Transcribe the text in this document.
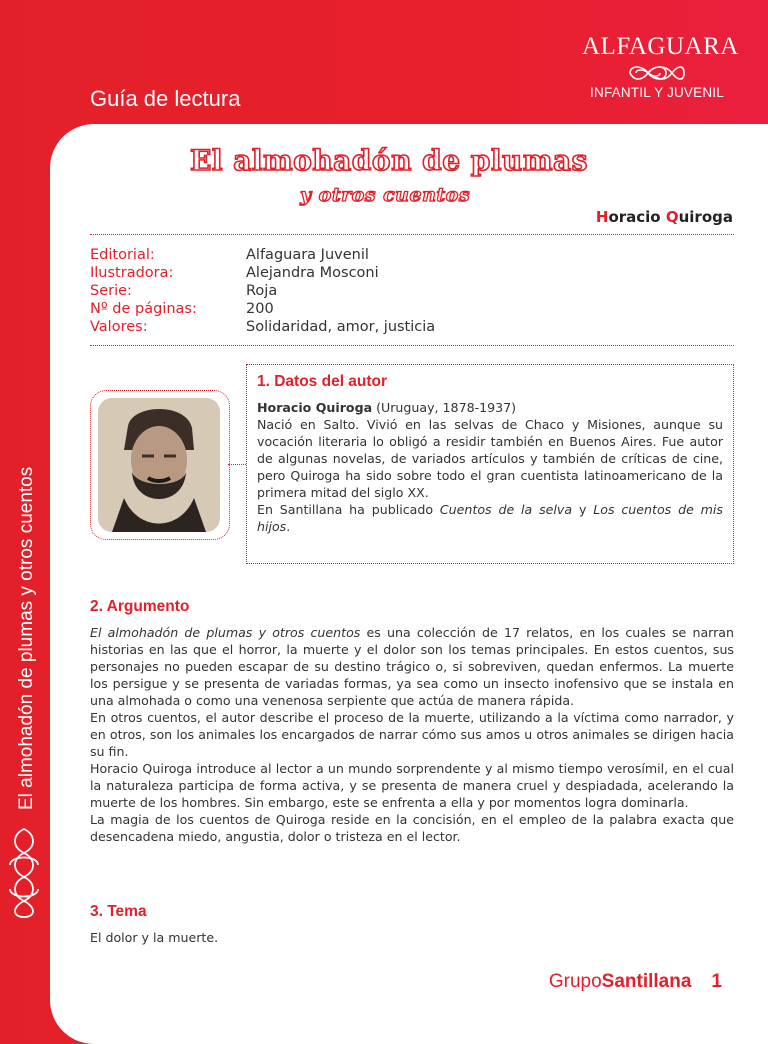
ALFAGUARA
INFANTIL Y JUVENIL
Guía de lectura
El almohadón de plumas y otros cuentos
El almohadón de plumas
y otros cuentos
Horacio Quiroga
Editorial:	Alfaguara Juvenil
Ilustradora:	Alejandra Mosconi
Serie:	Roja
Nº de páginas:	200
Valores:	Solidaridad, amor, justicia
1. Datos del autor
Horacio Quiroga (Uruguay, 1878-1937)
Nació en Salto. Vivió en las selvas de Chaco y Misiones, aunque su vocación literaria lo obligó a residir también en Buenos Aires. Fue autor de algunas novelas, de variados artículos y también de críticas de cine, pero Quiroga ha sido sobre todo el gran cuentista latinoamericano de la primera mitad del siglo XX.
En Santillana ha publicado Cuentos de la selva y Los cuentos de mis hijos.
2. Argumento

El almohadón de plumas y otros cuentos es una colección de 17 relatos, en los cuales se narran historias en las que el horror, la muerte y el dolor son los temas principales. En estos cuentos, sus personajes no pueden escapar de su destino trágico o, si sobreviven, quedan enfermos. La muerte los persigue y se presenta de variadas formas, ya sea como un insecto inofensivo que se instala en una almohada o como una venenosa serpiente que actúa de manera rápida.

En otros cuentos, el autor describe el proceso de la muerte, utilizando a la víctima como narrador, y en otros, son los animales los encargados de narrar cómo sus amos u otros animales se dirigen hacia su fin.

Horacio Quiroga introduce al lector a un mundo sorprendente y al mismo tiempo verosímil, en el cual la naturaleza participa de forma activa, y se presenta de manera cruel y despiadada, acelerando la muerte de los hombres. Sin embargo, este se enfrenta a ella y por momentos logra dominarla.

La magia de los cuentos de Quiroga reside en la concisión, en el empleo de la palabra exacta que desencadena miedo, angustia, dolor o tristeza en el lector.

3. Tema
El dolor y la muerte.
GrupoSantillana 1
